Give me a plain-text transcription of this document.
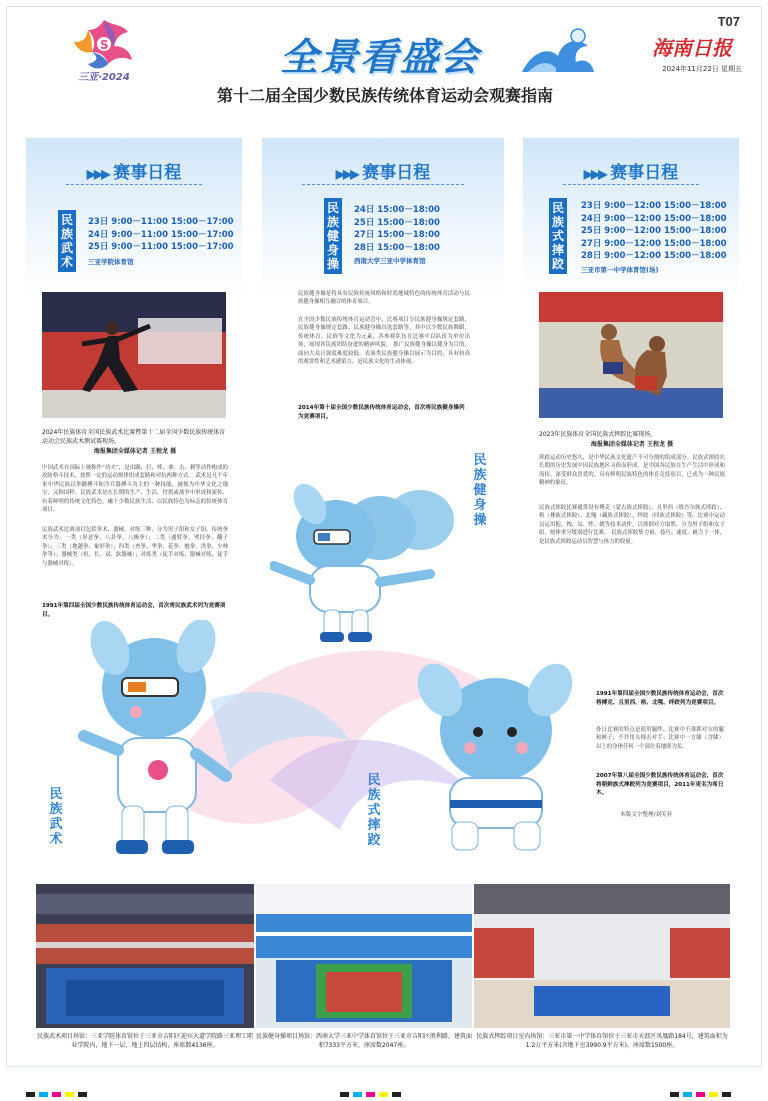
S
三亚·2024	全景看盛会
第十二届全国少数民族传统体育运动会观赛指南
T07
海南日报
2024年11月22日 星期五
▶▶▶ 赛事日程
民族武术
23日 9:00－11:00 15:00－17:00
24日 9:00－11:00 15:00－17:00
25日 9:00－11:00 15:00－17:00
三亚学院体育馆
2024年民族体育全国民族武术比赛暨第十二届全国少数民族传统体育运动会民族武术测试赛现场。
海报集团全媒体记者 王程龙 摄
中国武术在国际上被称作“功夫”，是由踢、打、摔、拿、击、刺等动作构成的攻防格斗技术，按照一定的运动规律组成套路和对抗两种方式。 武术是几千年来中华民族以拳脚搏斗和冷兵器搏斗为主的一种技能，被视为中华文化之瑰宝，又称国粹。民族武术是在长期的生产、生活、狩猎或战争中形成和流传、有着鲜明的传统文化特色，融于少数民族生活、以民族特色为标志的传统体育项目。
民族武术比赛项目包括拳术、器械、对练三种，分为男子组和女子组。传统拳术分为：一类（形意拳、八卦拳、八极拳）；二类（通臂拳、劈挂拳、翻子拳）；三类（地趟拳、象形拳）；四类（查拳、华拳、花拳、炮拳、洪拳、少林拳等）；器械类（短、长、双、软器械）；对练类（徒手对练、器械对练、徒手与器械对练）。
1991年第四届全国少数民族传统体育运动会，首次将民族武术列为竞赛项目。
▶▶▶ 赛事日程
民族健身操
24日 15:00－18:00
25日 15:00－18:00
27日 15:00－18:00
28日 15:00－18:00
西南大学三亚中学体育馆
民族健身操是将具有民族传统风格和时尚地域特色的传统体育活动与民族健身操相互融合的体育项目。
在全国少数民族传统体育运动会中，比赛项目分民族健身操规定套路、民族健身操规定套路、民族健身操自选套路等，其中以少数民族舞蹈、传统体育、民俗等文化为元素，各参赛队伍在比赛中以队伍为单位出场，展现各民族团结奋进的精神风貌。 推广民族健身操以健身为目的，面向大众且强度难度较低，表演类民族健身操以展示为目的，具有较高的观赏性和艺术感染力，是民族文化的生动体现。
2014年第十届全国少数民族传统体育运动会，首次将民族健身操列为竞赛项目。
▶▶▶ 赛事日程
民族式摔跤
23日 9:00－12:00 15:00－18:00
24日 9:00－12:00 15:00－18:00
25日 9:00－12:00 15:00－18:00
27日 9:00－12:00 15:00－18:00
28日 9:00－12:00 15:00－18:00
三亚市第一中学体育馆(场)
2023年民族体育全国民族式摔跤比赛现场。
海报集团全媒体记者 王程龙 摄
摔跤运动历史悠久，是中华民族文化遗产不可分割的组成部分。民族式摔跤在长期的历史发展中因民族地区习俗而形成，是中国各民族在生产生活中形成和流传、深受群众喜爱的、具有鲜明民族特色的体育竞技项目，已成为一种民族精神的象征。
民族式摔跤比赛通常设有搏克（蒙古族式摔跤）、且里西（维吾尔族式摔跤）、格（彝族式摔跤）、北嘎（藏族式摔跤）、绊跤（回族式摔跤）等。比赛中运动员运用抱、拽、勾、绊、挑等技术动作，以摔倒对方取胜，分为男子组和女子组，按体重分级别进行比赛。 民族式摔跤集力量、技巧、速度、耐力于一体，是民族式摔跤运动员智慧与体力的较量。
1991年第四届全国少数民族传统体育运动会，首次将搏克、且里西、格、北嘎、绊跤列为竞赛项目。
骨日比赛的特点是使用腿绊、比赛中不准抓对方的腿和裤子，不许用头撞击对手；比赛中一方膝（含膝）以上的身体任何一个部位着地即为负。
2007年第八届全国少数民族传统体育运动会，首次将朝鲜族式摔跤列为竞赛项目，2011年更名为希日木。
本版文字整理/刘芙非
民族健身操
民族武术
民族式摔跤
民族武术项目场馆：三亚学院体育馆位于三亚市吉阳区迎宾大道学院路三亚理工职业学院内，地下一层，地上四层结构，座席数4136座。
民族健身操项目场馆：西南大学三亚中学体育馆位于三亚市吉阳区胜利路，建筑面积7333平方米，座席数2047座。
民族式摔跤项目室内场馆：三亚市第一中学体育馆位于三亚市天涯区凤凰路184号，建筑面积为1.2万平方米(含地下室3990.9平方米)，座席数1500座。
